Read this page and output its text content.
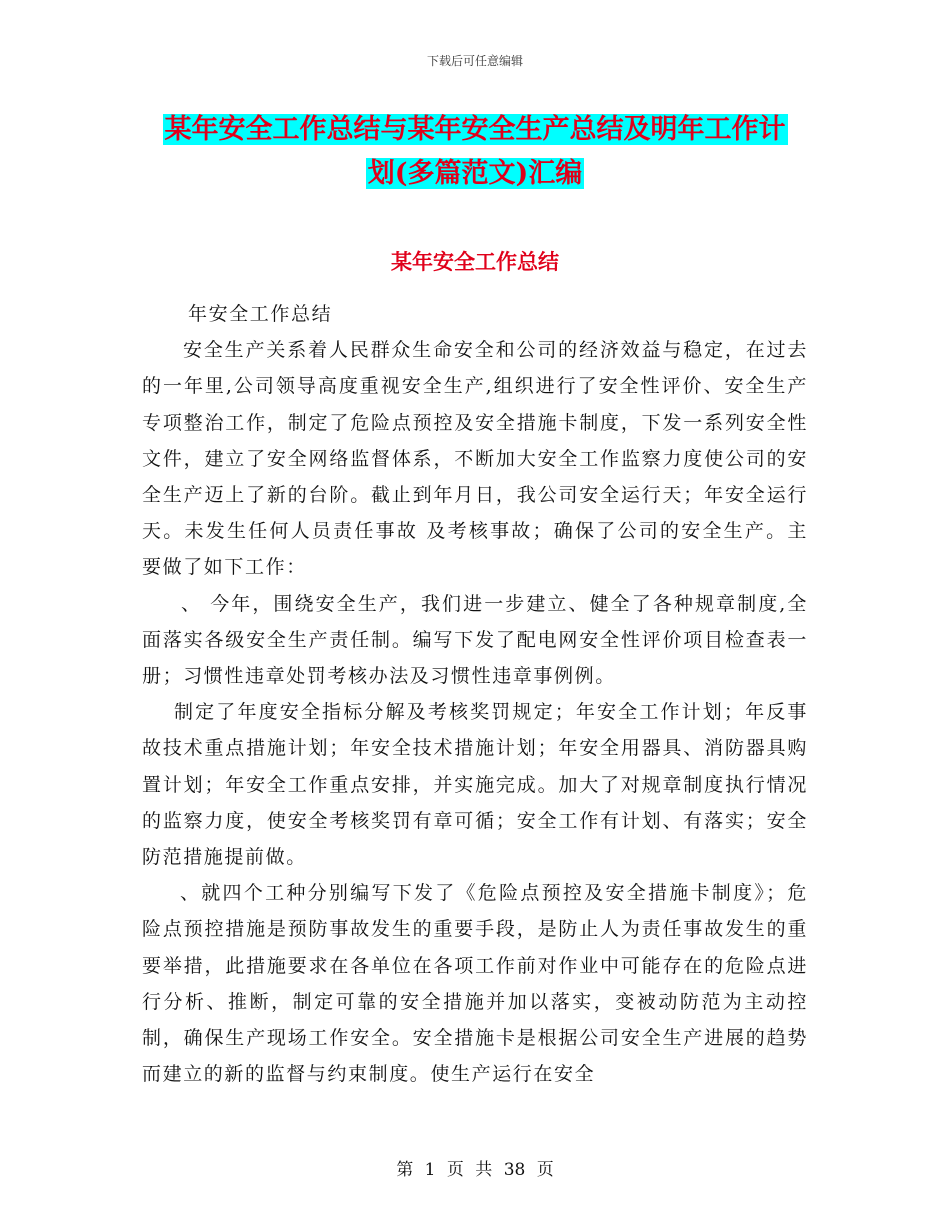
下载后可任意编辑
某年安全工作总结与某年安全生产总结及明年工作计
划(多篇范文)汇编
某年安全工作总结

年安全工作总结

安全生产关系着人民群众生命安全和公司的经济效益与稳定，在过去的一年里,公司领导高度重视安全生产,组织进行了安全性评价、安全生产专项整治工作，制定了危险点预控及安全措施卡制度，下发一系列安全性文件，建立了安全网络监督体系，不断加大安全工作监察力度使公司的安全生产迈上了新的台阶。截止到年月日，我公司安全运行天；年安全运行天。未发生任何人员责任事故 及考核事故；确保了公司的安全生产。主要做了如下工作：

、 今年，围绕安全生产，我们进一步建立、健全了各种规章制度,全面落实各级安全生产责任制。编写下发了配电网安全性评价项目检查表一册；习惯性违章处罚考核办法及习惯性违章事例例。

制定了年度安全指标分解及考核奖罚规定；年安全工作计划；年反事故技术重点措施计划；年安全技术措施计划；年安全用器具、消防器具购置计划；年安全工作重点安排，并实施完成。加大了对规章制度执行情况的监察力度，使安全考核奖罚有章可循；安全工作有计划、有落实；安全防范措施提前做。

、就四个工种分别编写下发了《危险点预控及安全措施卡制度》；危险点预控措施是预防事故发生的重要手段，是防止人为责任事故发生的重要举措，此措施要求在各单位在各项工作前对作业中可能存在的危险点进行分析、推断，制定可靠的安全措施并加以落实，变被动防范为主动控制，确保生产现场工作安全。安全措施卡是根据公司安全生产进展的趋势而建立的新的监督与约束制度。使生产运行在安全

第 1 页 共 38 页
